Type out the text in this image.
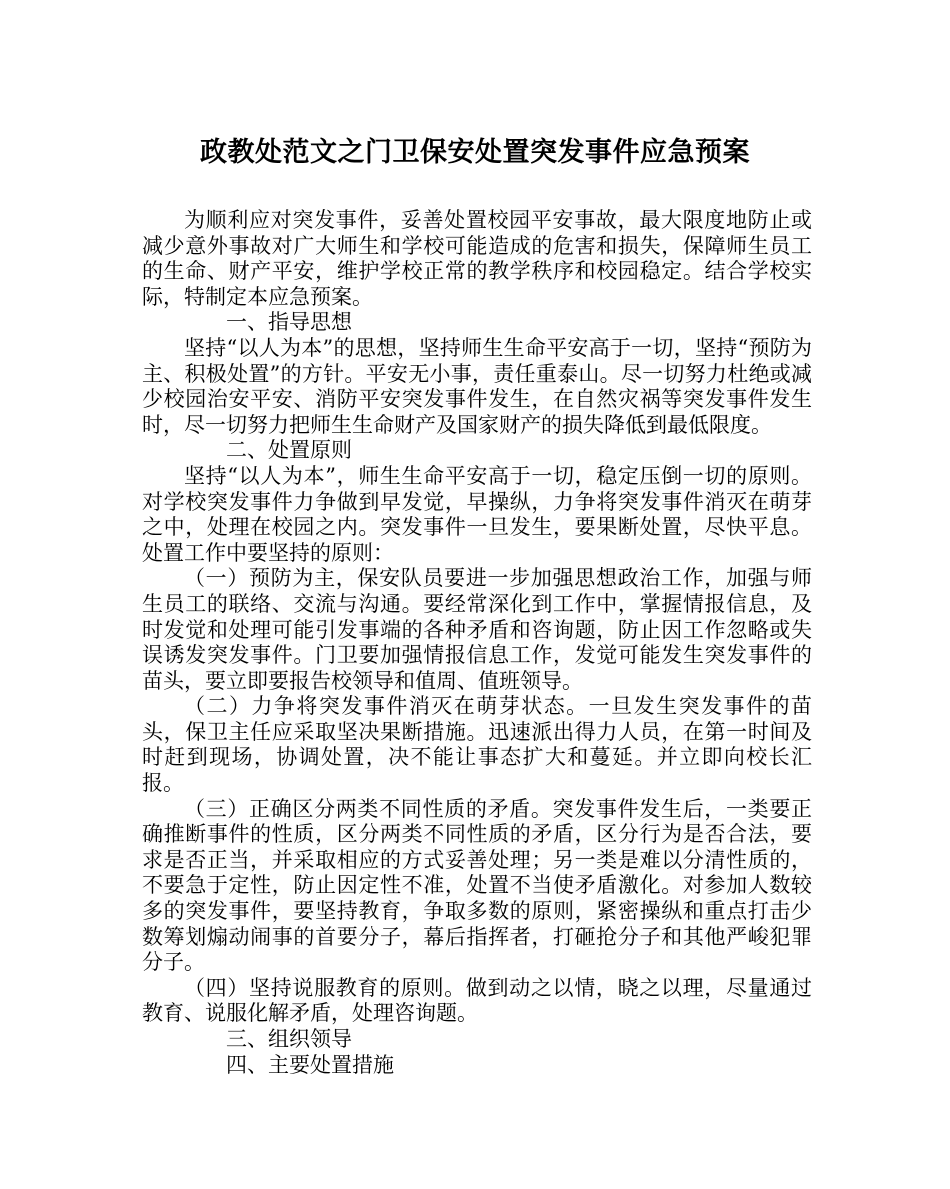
政教处范文之门卫保安处置突发事件应急预案

为顺利应对突发事件，妥善处置校园平安事故，最大限度地防止或减少意外事故对广大师生和学校可能造成的危害和损失，保障师生员工的生命、财产平安，维护学校正常的教学秩序和校园稳定。结合学校实际，特制定本应急预案。

一、指导思想

坚持“以人为本”的思想，坚持师生生命平安高于一切，坚持“预防为主、积极处置”的方针。平安无小事，责任重泰山。尽一切努力杜绝或减少校园治安平安、消防平安突发事件发生，在自然灾祸等突发事件发生时，尽一切努力把师生生命财产及国家财产的损失降低到最低限度。

二、处置原则

坚持“以人为本”，师生生命平安高于一切，稳定压倒一切的原则。对学校突发事件力争做到早发觉，早操纵，力争将突发事件消灭在萌芽之中，处理在校园之内。突发事件一旦发生，要果断处置，尽快平息。处置工作中要坚持的原则：

（一）预防为主，保安队员要进一步加强思想政治工作，加强与师生员工的联络、交流与沟通。要经常深化到工作中，掌握情报信息，及时发觉和处理可能引发事端的各种矛盾和咨询题，防止因工作忽略或失误诱发突发事件。门卫要加强情报信息工作，发觉可能发生突发事件的苗头，要立即要报告校领导和值周、值班领导。

（二）力争将突发事件消灭在萌芽状态。一旦发生突发事件的苗头，保卫主任应采取坚决果断措施。迅速派出得力人员，在第一时间及时赶到现场，协调处置，决不能让事态扩大和蔓延。并立即向校长汇报。

（三）正确区分两类不同性质的矛盾。突发事件发生后，一类要正确推断事件的性质，区分两类不同性质的矛盾，区分行为是否合法，要求是否正当，并采取相应的方式妥善处理；另一类是难以分清性质的，不要急于定性，防止因定性不准，处置不当使矛盾激化。对参加人数较多的突发事件，要坚持教育，争取多数的原则，紧密操纵和重点打击少数筹划煽动闹事的首要分子，幕后指挥者，打砸抢分子和其他严峻犯罪分子。

（四）坚持说服教育的原则。做到动之以情，晓之以理，尽量通过教育、说服化解矛盾，处理咨询题。

三、组织领导

四、主要处置措施
